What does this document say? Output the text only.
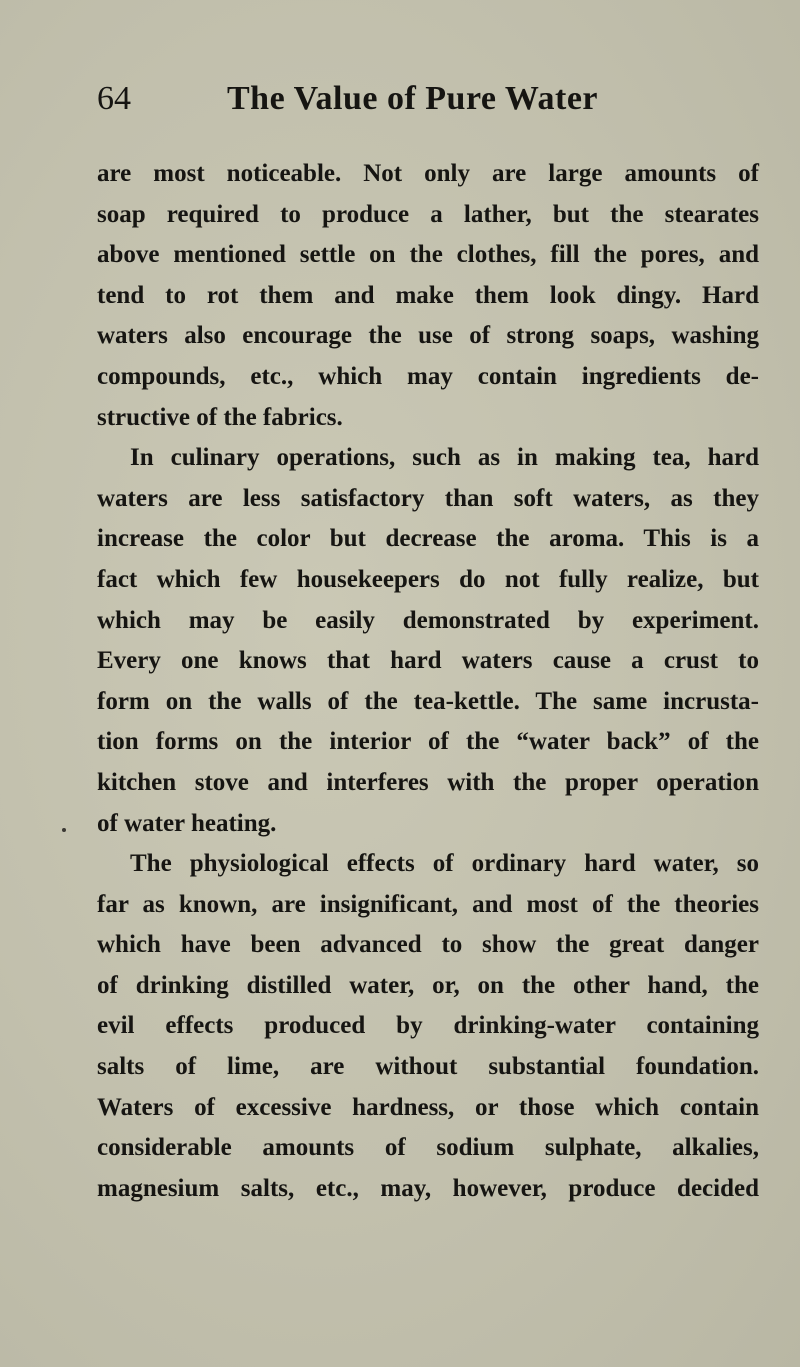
64	The Value of Pure Water
are most noticeable. Not only are large amounts of
soap required to produce a lather, but the stearates
above mentioned settle on the clothes, fill the pores, and
tend to rot them and make them look dingy. Hard
waters also encourage the use of strong soaps, washing
compounds, etc., which may contain ingredients de-
structive of the fabrics.
In culinary operations, such as in making tea, hard
waters are less satisfactory than soft waters, as they
increase the color but decrease the aroma. This is a
fact which few housekeepers do not fully realize, but
which may be easily demonstrated by experiment.
Every one knows that hard waters cause a crust to
form on the walls of the tea-kettle. The same incrusta-
tion forms on the interior of the “water back” of the
kitchen stove and interferes with the proper operation
of water heating.
The physiological effects of ordinary hard water, so
far as known, are insignificant, and most of the theories
which have been advanced to show the great danger
of drinking distilled water, or, on the other hand, the
evil effects produced by drinking-water containing
salts of lime, are without substantial foundation.
Waters of excessive hardness, or those which contain
considerable amounts of sodium sulphate, alkalies,
magnesium salts, etc., may, however, produce decided
